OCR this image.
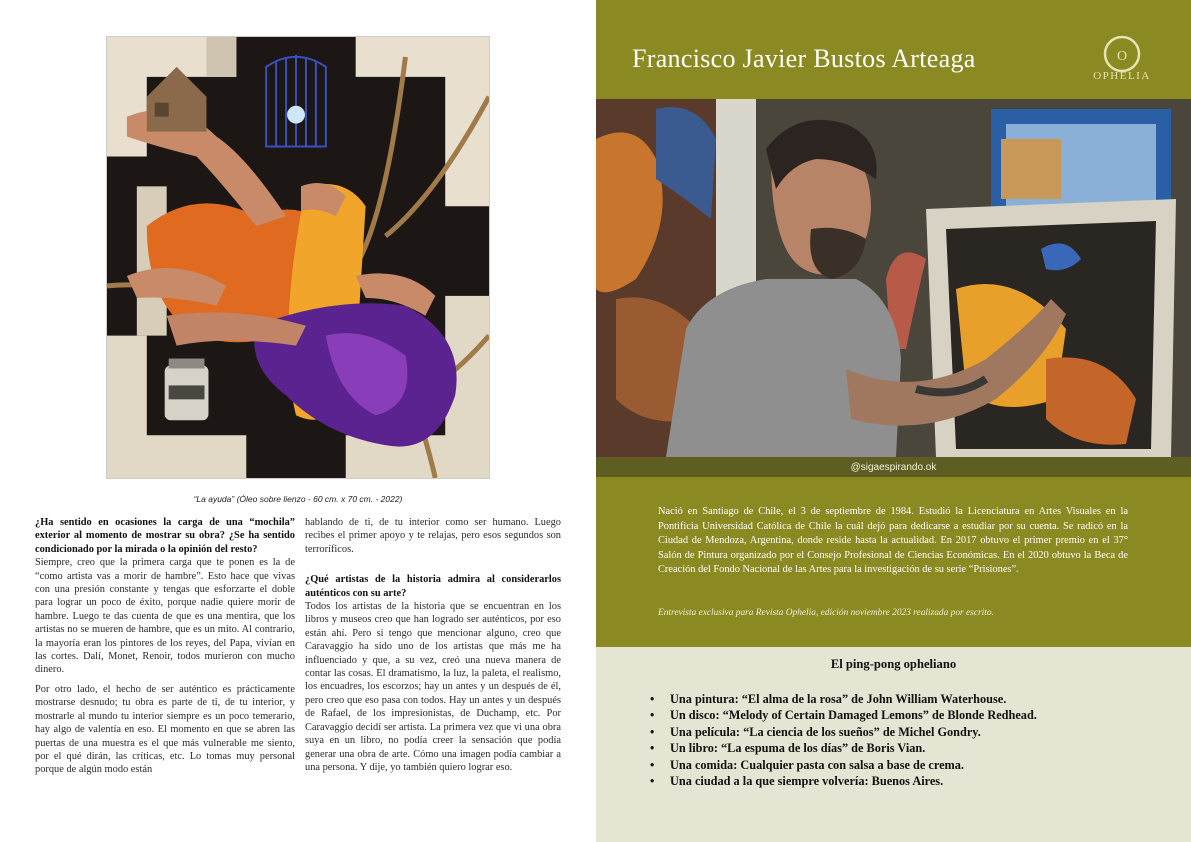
“La ayuda” (Óleo sobre lienzo - 60 cm. x 70 cm. - 2022)

¿Ha sentido en ocasiones la carga de una “mochila” exterior al momento de mostrar su obra? ¿Se ha sentido condicionado por la mirada o la opinión del resto?

Siempre, creo que la primera carga que te ponen es la de “como artista vas a morir de hambre”. Esto hace que vivas con una presión constante y tengas que esforzarte el doble para lograr un poco de éxito, porque nadie quiere morir de hambre. Luego te das cuenta de que es una mentira, que los artistas no se mueren de hambre, que es un mito. Al contrario, la mayoría eran los pintores de los reyes, del Papa, vivían en las cortes. Dalí, Monet, Renoir, todos murieron con mucho dinero.

Por otro lado, el hecho de ser auténtico es prácticamente mostrarse desnudo; tu obra es parte de ti, de tu interior, y mostrarle al mundo tu interior siempre es un poco temerario, hay algo de valentía en eso. El momento en que se abren las puertas de una muestra es el que más vulnerable me siento, por el qué dirán, las críticas, etc. Lo tomas muy personal porque de algún modo están

hablando de ti, de tu interior como ser humano. Luego recibes el primer apoyo y te relajas, pero esos segundos son terroríficos.

¿Qué artistas de la historia admira al considerarlos auténticos con su arte?

Todos los artistas de la historia que se encuentran en los libros y museos creo que han logrado ser auténticos, por eso están ahí. Pero si tengo que mencionar alguno, creo que Caravaggio ha sido uno de los artistas que más me ha influenciado y que, a su vez, creó una nueva manera de contar las cosas. El dramatismo, la luz, la paleta, el realismo, los encuadres, los escorzos; hay un antes y un después de él, pero creo que eso pasa con todos. Hay un antes y un después de Rafael, de los impresionistas, de Duchamp, etc. Por Caravaggio decidí ser artista. La primera vez que vi una obra suya en un libro, no podía creer la sensación que podía generar una obra de arte. Cómo una imagen podía cambiar a una persona. Y dije, yo también quiero lograr eso.

Francisco Javier Bustos Arteaga	O
OPHELIA
@sigaespirando.ok

Nació en Santiago de Chile, el 3 de septiembre de 1984. Estudió la Licenciatura en Artes Visuales en la Pontificia Universidad Católica de Chile la cuál dejó para dedicarse a estudiar por su cuenta. Se radicó en la Ciudad de Mendoza, Argentina, donde reside hasta la actualidad. En 2017 obtuvo el primer premio en el 37° Salón de Pintura organizado por el Consejo Profesional de Ciencias Económicas. En el 2020 obtuvo la Beca de Creación del Fondo Nacional de las Artes para la investigación de su serie “Prisiones”.

Entrevista exclusiva para Revista Ophelia, edición noviembre 2023 realizada por escrito.

El ping-pong opheliano
• Una pintura: “El alma de la rosa” de John William Waterhouse.
• Un disco: “Melody of Certain Damaged Lemons” de Blonde Redhead.
• Una película: “La ciencia de los sueños” de Michel Gondry.
• Un libro: “La espuma de los días” de Boris Vian.
• Una comida: Cualquier pasta con salsa a base de crema.
• Una ciudad a la que siempre volvería: Buenos Aires.
